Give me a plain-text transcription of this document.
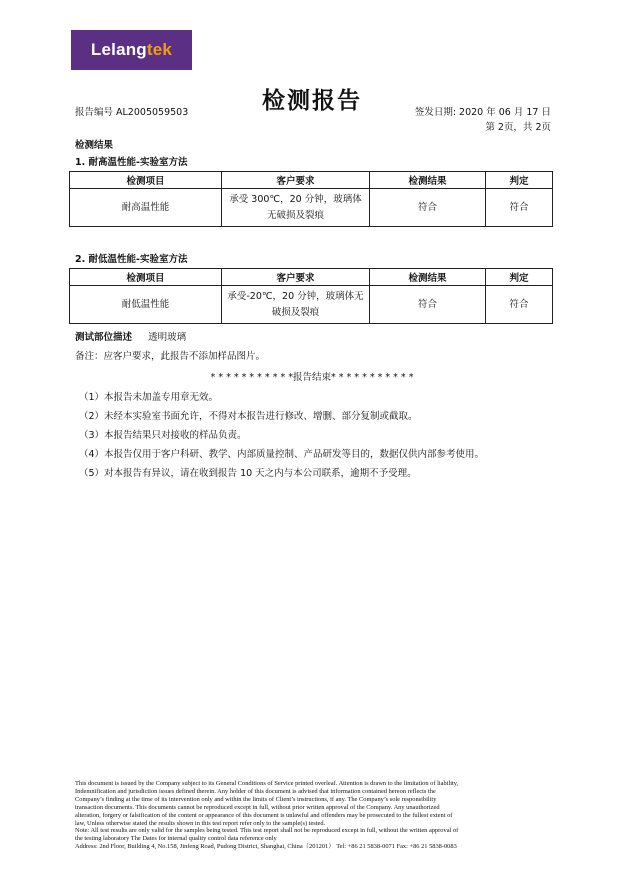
Lelang tek
检测报告
报告编号 AL2005059503	签发日期: 2020 年 06 月 17 日
第 2页，共 2页
检测结果
1. 耐高温性能-实验室方法
检测项目	客户要求	检测结果	判定
耐高温性能	承受 300℃，20 分钟，玻璃体无破损及裂痕	符合	符合
2. 耐低温性能-实验室方法
检测项目	客户要求	检测结果	判定
耐低温性能	承受-20℃，20 分钟，玻璃体无破损及裂痕	符合	符合
测试部位描述 透明玻璃
备注：应客户要求，此报告不添加样品图片。
* * * * * * * * * * *报告结束* * * * * * * * * * *
（1）本报告未加盖专用章无效。
（2）未经本实验室书面允许，不得对本报告进行修改、增删、部分复制或截取。
（3）本报告结果只对接收的样品负责。
（4）本报告仅用于客户科研、教学、内部质量控制、产品研发等目的，数据仅供内部参考使用。
（5）对本报告有异议，请在收到报告 10 天之内与本公司联系，逾期不予受理。
This document is issued by the Company subject to its General Conditions of Service printed overleaf. Attention is drawn to the limitation of liability,
Indemnification and jurisdiction issues defined therein. Any holder of this document is advised that information contained hereon reflects the
Company’s finding at the time of its intervention only and within the limits of Client’s instructions, if any. The Company’s sole responsibility
transaction documents. This documents cannot be reproduced except in full, without prior written approval of the Company. Any unauthorized
alteration, forgery or falsification of the content or appearance of this document is unlawful and offenders may be prosecuted to the fullest extent of
law, Unless otherwise stated the results shown in this test report refer only to the sample(s) tested.
Note: All test results are only valid for the samples being tested. This test report shall not be reproduced except in full, without the written approval of
the testing laboratory The Dates for internal quality control data reference only
Address: 2nd Floor, Building 4, No.158, Jinfeng Road, Pudong District, Shanghai, China（201201） Tel: +86 21 5838-0071 Fax: +86 21 5838-0083
